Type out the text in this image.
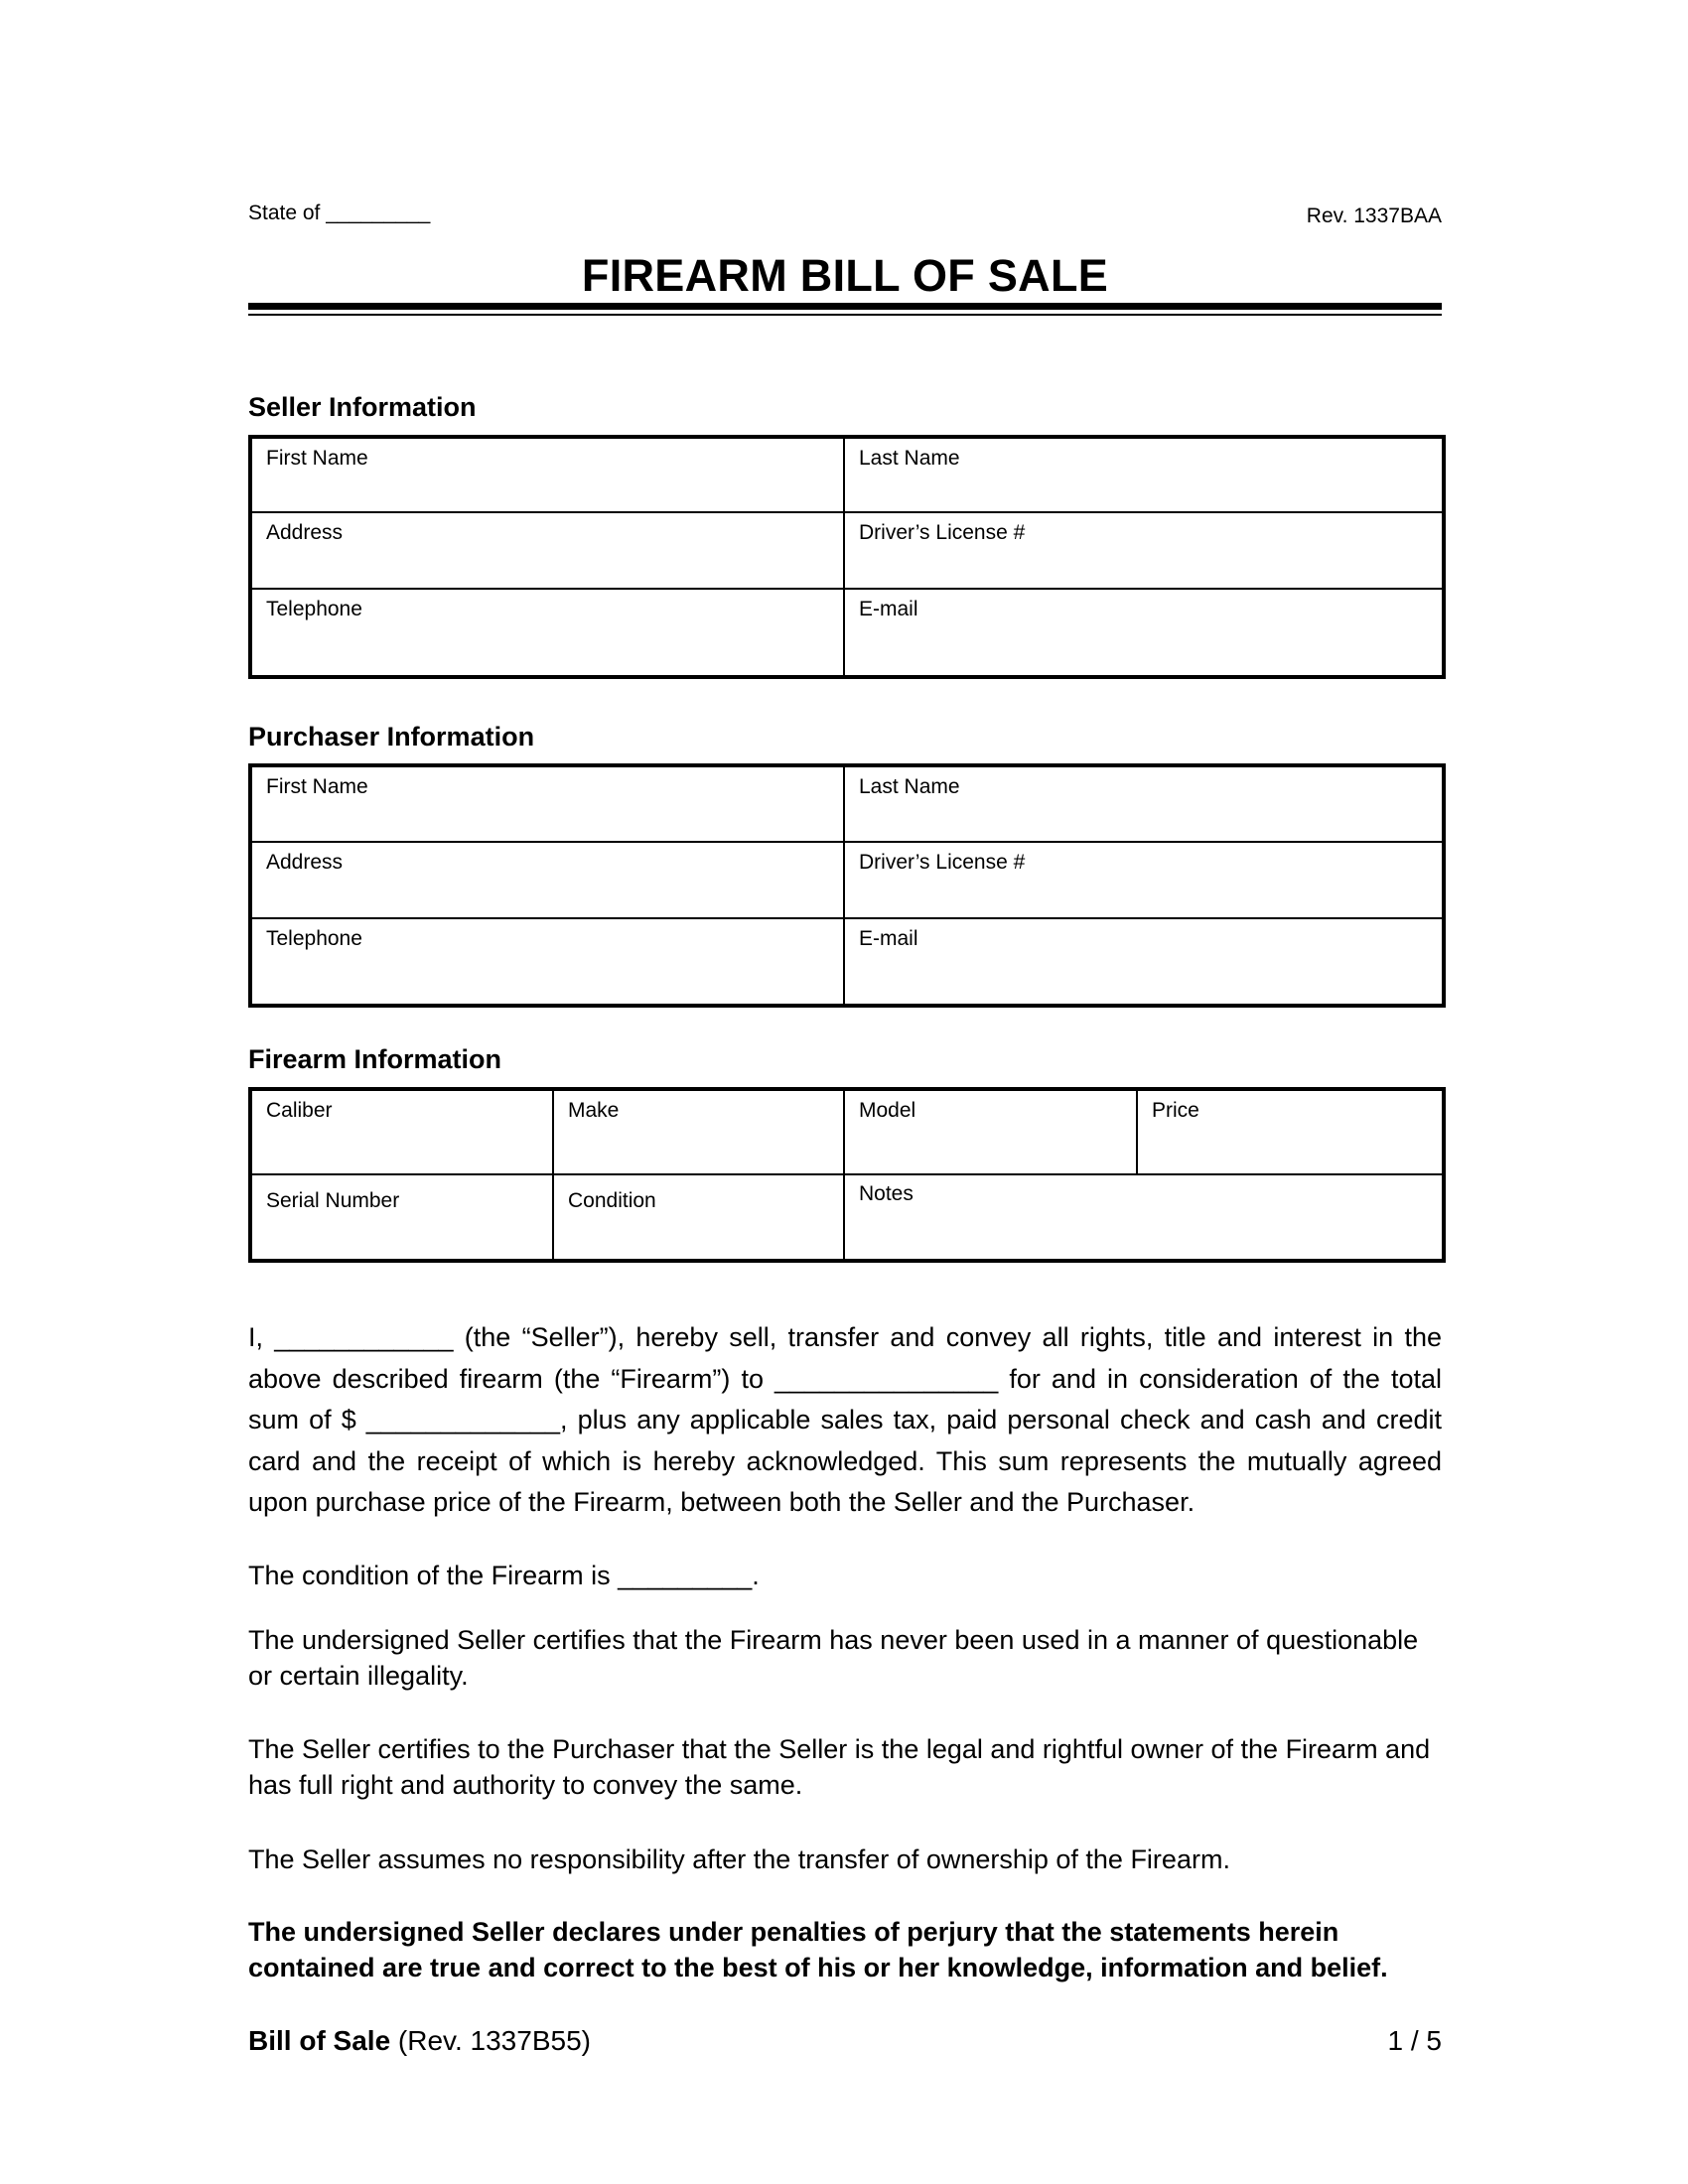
State of _________	Rev. 1337BAA
FIREARM BILL OF SALE
Seller Information
First Name	Last Name
Address	Driver’s License #
Telephone	E-mail
Purchaser Information
First Name	Last Name
Address	Driver’s License #
Telephone	E-mail
Firearm Information
Caliber	Make	Model	Price
Serial Number	Condition	Notes	

I, ____________ (the “Seller”), hereby sell, transfer and convey all rights, title and interest in the above described firearm (the “Firearm”) to _______________ for and in consideration of the total sum of $ _____________, plus any applicable sales tax, paid personal check and cash and credit card and the receipt of which is hereby acknowledged. This sum represents the mutually agreed upon purchase price of the Firearm, between both the Seller and the Purchaser.

The condition of the Firearm is _________.
The undersigned Seller certifies that the Firearm has never been used in a manner of questionable or certain illegality.
The Seller certifies to the Purchaser that the Seller is the legal and rightful owner of the Firearm and has full right and authority to convey the same.
The Seller assumes no responsibility after the transfer of ownership of the Firearm.
The undersigned Seller declares under penalties of perjury that the statements herein contained are true and correct to the best of his or her knowledge, information and belief.
Bill of Sale (Rev. 1337B55)	1 / 5
